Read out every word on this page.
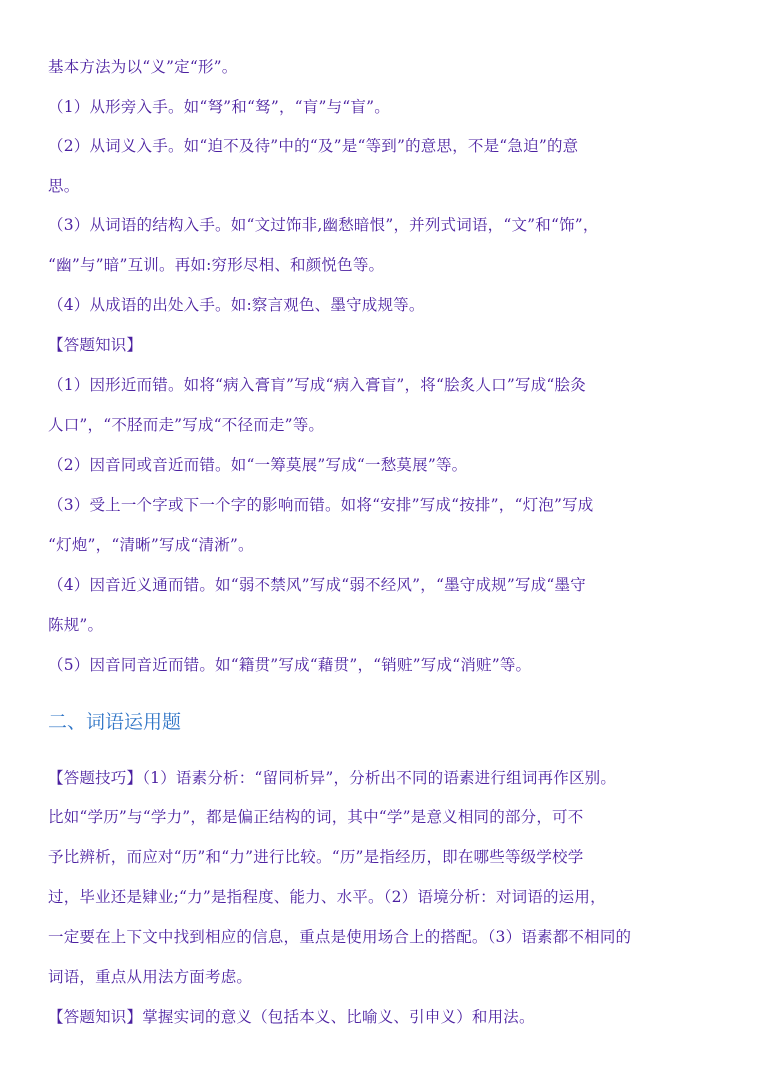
基本方法为以“义”定“形”。
（1）从形旁入手。如“弩”和“驽”，“肓”与“盲”。
（2）从词义入手。如“迫不及待”中的“及”是“等到”的意思，不是“急迫”的意
思。
（3）从词语的结构入手。如“文过饰非,幽愁暗恨”，并列式词语，“文”和“饰”，
“幽”与”暗”互训。再如:穷形尽相、和颜悦色等。
（4）从成语的出处入手。如:察言观色、墨守成规等。
【答题知识】
（1）因形近而错。如将“病入膏肓”写成“病入膏盲”，将“脍炙人口”写成“脍灸
人口”，“不胫而走”写成“不径而走”等。
（2）因音同或音近而错。如“一筹莫展”写成“一愁莫展”等。
（3）受上一个字或下一个字的影响而错。如将“安排”写成“按排”，“灯泡”写成
“灯炮”，“清晰”写成“清淅”。
（4）因音近义通而错。如“弱不禁风”写成“弱不经风”，“墨守成规”写成“墨守
陈规”。
（5）因音同音近而错。如“籍贯”写成“藉贯”，“销赃”写成“消赃”等。
二、词语运用题
【答题技巧】（1）语素分析：“留同析异”，分析出不同的语素进行组词再作区别。
比如“学历”与“学力”，都是偏正结构的词，其中“学”是意义相同的部分，可不
予比辨析，而应对“历”和“力”进行比较。“历”是指经历，即在哪些等级学校学
过，毕业还是肄业;“力”是指程度、能力、水平。（2）语境分析：对词语的运用，
一定要在上下文中找到相应的信息，重点是使用场合上的搭配。（3）语素都不相同的
词语，重点从用法方面考虑。
【答题知识】掌握实词的意义（包括本义、比喻义、引申义）和用法。
